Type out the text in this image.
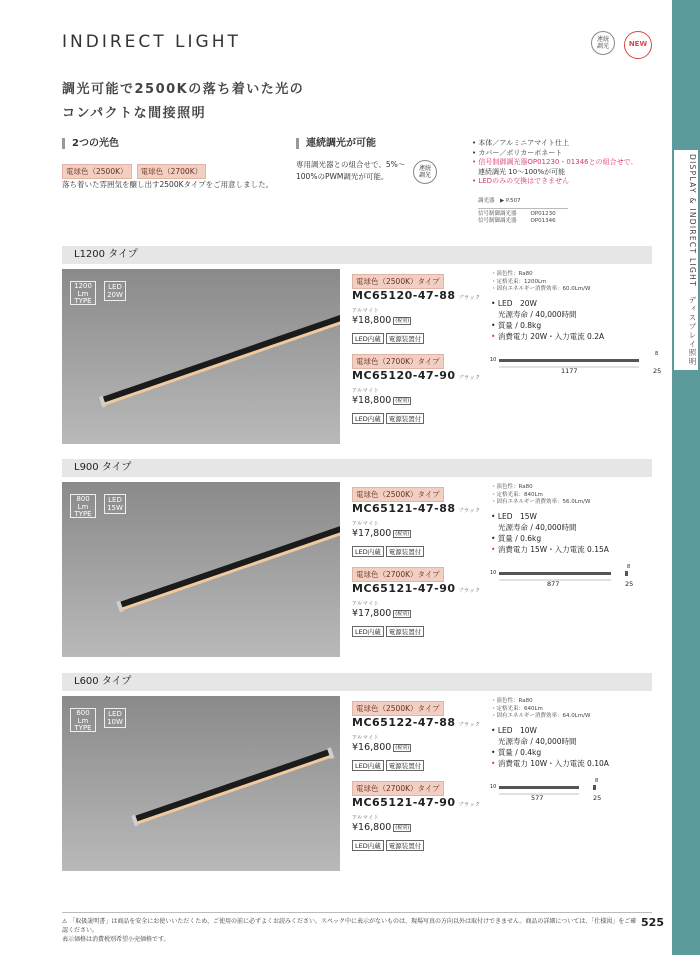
DISPLAY & INDIRECT LIGHT　ディスプレイ照明
INDIRECT LIGHT	連続
調光	NEW
調光可能で2500Kの落ち着いた光の
コンパクトな間接照明
2つの光色
電球色（2500K） 電球色（2700K）
落ち着いた雰囲気を醸し出す2500Kタイプをご用意しました。
連続調光が可能
専用調光器との組合せで、5%～
100%のPWM調光が可能。
連続
調光
• 本体／アルミニアマイト仕上
• カバー／ポリカーボネート
• 信号制御調光器OP01230・01346との組合せで、
連続調光 10～100%が可能
• LEDのみの交換はできません
調光器　▶ P.507
信号制御調光器	OP01230
信号制御調光器	OP01346
L1200 タイプ
1200
Lm
TYPE
LED
20W
電球色（2500K）タイプ
MC65120-47-88 ブラックアルマイト
¥18,800 (税別)
LED内蔵 電源装置付
電球色（2700K）タイプ
MC65120-47-90 ブラックアルマイト
¥18,800 (税別)
LED内蔵 電源装置付
・演色性：Ra80
・定格光束：1200Lm
・固有エネルギー消費効率：60.0Lm/W
• LED　20W
光源寿命 / 40,000時間
• 質量 / 0.8kg
• 消費電力 20W・入力電流 0.2A
10
1177
8
25
L900 タイプ
800
Lm
TYPE
LED
15W
電球色（2500K）タイプ
MC65121-47-88 ブラックアルマイト
¥17,800 (税別)
LED内蔵 電源装置付
電球色（2700K）タイプ
MC65121-47-90 ブラックアルマイト
¥17,800 (税別)
LED内蔵 電源装置付
・演色性：Ra80
・定格光束：840Lm
・固有エネルギー消費効率：56.0Lm/W
• LED　15W
光源寿命 / 40,000時間
• 質量 / 0.6kg
• 消費電力 15W・入力電流 0.15A
10
877
8
25
L600 タイプ
600
Lm
TYPE
LED
10W
電球色（2500K）タイプ
MC65122-47-88 ブラックアルマイト
¥16,800 (税別)
LED内蔵 電源装置付
電球色（2700K）タイプ
MC65121-47-90 ブラックアルマイト
¥16,800 (税別)
LED内蔵 電源装置付
・演色性：Ra80
・定格光束：640Lm
・固有エネルギー消費効率：64.0Lm/W
• LED　10W
光源寿命 / 40,000時間
• 質量 / 0.4kg
• 消費電力 10W・入力電流 0.10A
10
577
8
25
⚠ 「取扱説明書」は商品を安全にお使いいただくため、ご使用の前に必ずよくお読みください。スペック中に表示がないものは、現場写真の方向以外は取付けできません。商品の詳細については、「仕様図」をご確認ください。
表示価格は消費税別希望小売価格です。
525
